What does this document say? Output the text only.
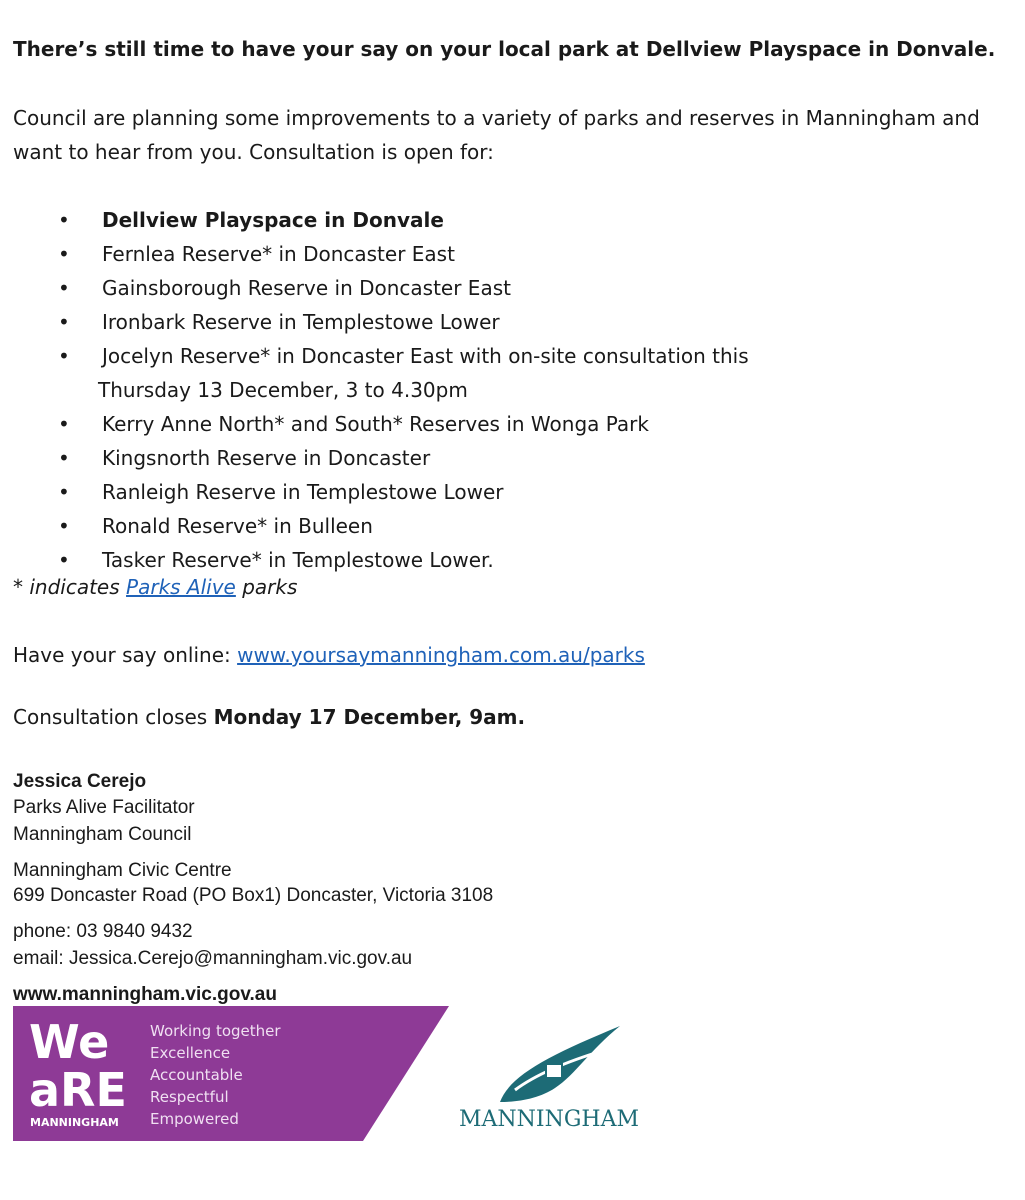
There’s still time to have your say on your local park at Dellview Playspace in Donvale.
Council are planning some improvements to a variety of parks and reserves in Manningham and want to hear from you. Consultation is open for:
• Dellview Playspace in Donvale
• Fernlea Reserve* in Doncaster East
• Gainsborough Reserve in Doncaster East
• Ironbark Reserve in Templestowe Lower
• Jocelyn Reserve* in Doncaster East with on-site consultation this
Thursday 13 December, 3 to 4.30pm
• Kerry Anne North* and South* Reserves in Wonga Park
• Kingsnorth Reserve in Doncaster
• Ranleigh Reserve in Templestowe Lower
• Ronald Reserve* in Bulleen
• Tasker Reserve* in Templestowe Lower.
* indicates Parks Alive parks
Have your say online: www.yoursaymanningham.com.au/parks
Consultation closes Monday 17 December, 9am.
Jessica Cerejo
Parks Alive Facilitator
Manningham Council
Manningham Civic Centre
699 Doncaster Road (PO Box1) Doncaster, Victoria 3108
phone: 03 9840 9432
email: Jessica.Cerejo@manningham.vic.gov.au
www.manningham.vic.gov.au
We
aRE
MANNINGHAM
Working together
Excellence
Accountable
Respectful
Empowered	MANNINGHAM
